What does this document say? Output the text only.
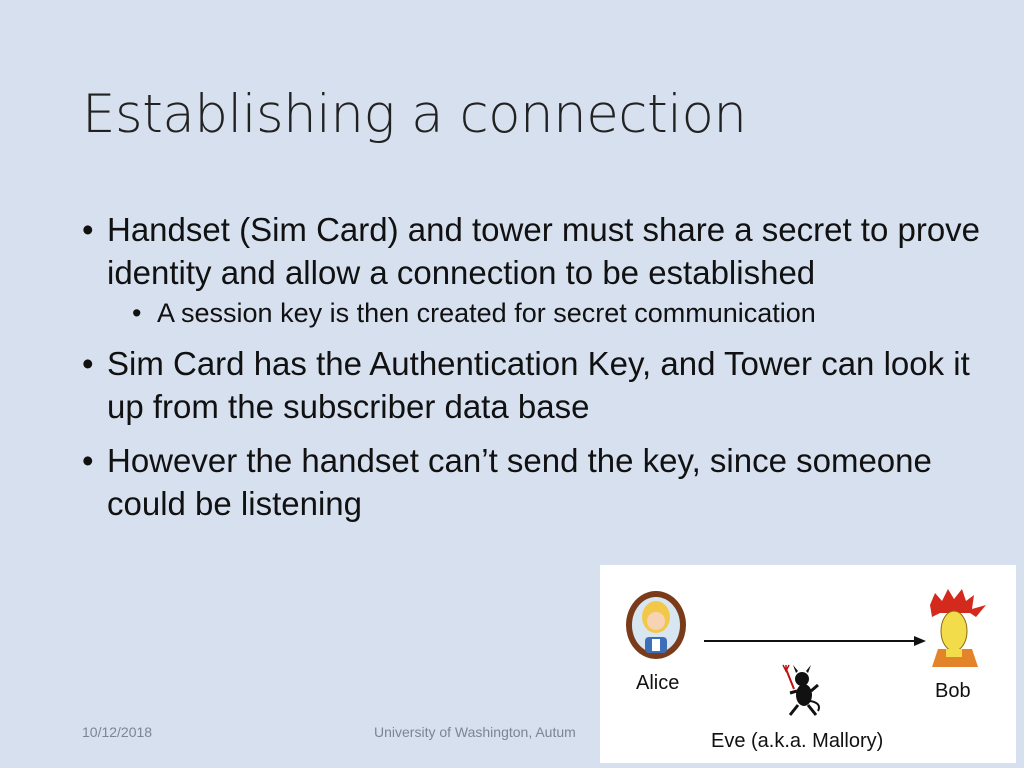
Establishing a connection
• Handset (Sim Card) and tower must share a secret to prove identity and allow a connection to be established
• A session key is then created for secret communication
• Sim Card has the Authentication Key, and Tower can look it up from the subscriber data base
• However the handset can’t send the key, since someone could be listening
10/12/2018	University of Washington, Autum
Alice	Bob
Eve (a.k.a. Mallory)
